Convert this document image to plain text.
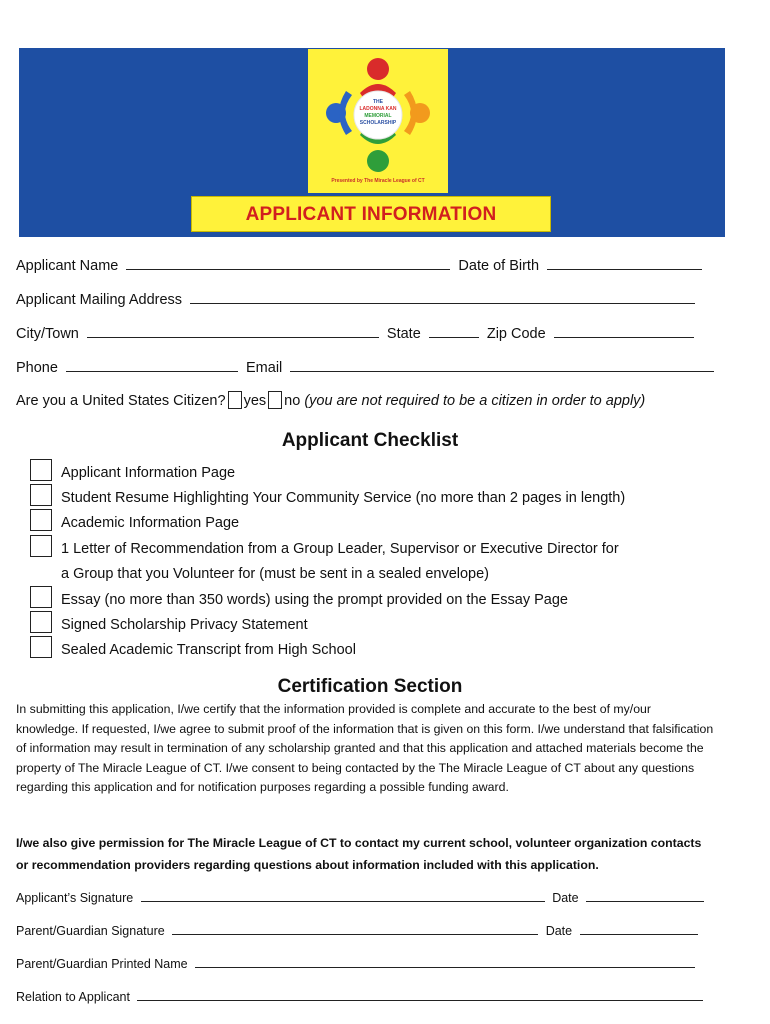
THE
LADONNA KAN
MEMORIAL
SCHOLARSHIP
Presented by The Miracle League of CT
APPLICANT INFORMATION
Applicant Name	Date of Birth
Applicant Mailing Address
City/Town	State	Zip Code
Phone	Email
Are you a United States Citizen? yes no (you are not required to be a citizen in order to apply)
Applicant Checklist
Applicant Information Page
Student Resume Highlighting Your Community Service (no more than 2 pages in length)
Academic Information Page
1 Letter of Recommendation from a Group Leader, Supervisor or Executive Director for
a Group that you Volunteer for (must be sent in a sealed envelope)
Essay (no more than 350 words) using the prompt provided on the Essay Page
Signed Scholarship Privacy Statement
Sealed Academic Transcript from High School
Certification Section
In submitting this application, I/we certify that the information provided is complete and accurate to the best of my/our knowledge. If requested, I/we agree to submit proof of the information that is given on this form. I/we understand that falsification of information may result in termination of any scholarship granted and that this application and attached materials become the property of The Miracle League of CT. I/we consent to being contacted by the The Miracle League of CT about any questions regarding this application and for notification purposes regarding a possible funding award.
I/we also give permission for The Miracle League of CT to contact my current school, volunteer organization contacts or recommendation providers regarding questions about information included with this application.
Applicant’s Signature	Date
Parent/Guardian Signature	Date
Parent/Guardian Printed Name
Relation to Applicant
